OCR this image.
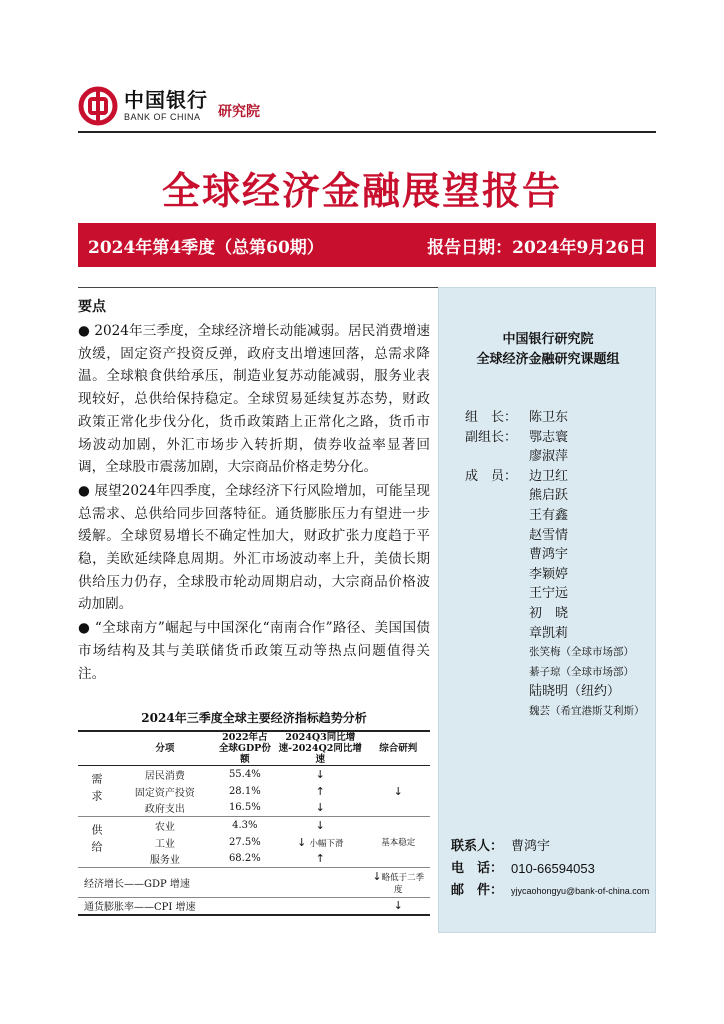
中国银行
BANK OF CHINA	研究院
全球经济金融展望报告
2024年第4季度（总第60期）	报告日期：2024年9月26日
要点

● 2024年三季度，全球经济增长动能减弱。居民消费增速放缓，固定资产投资反弹，政府支出增速回落，总需求降温。全球粮食供给承压，制造业复苏动能减弱，服务业表现较好，总供给保持稳定。全球贸易延续复苏态势，财政政策正常化步伐分化，货币政策踏上正常化之路，货币市场波动加剧，外汇市场步入转折期，债券收益率显著回调，全球股市震荡加剧，大宗商品价格走势分化。

● 展望2024年四季度，全球经济下行风险增加，可能呈现总需求、总供给同步回落特征。通货膨胀压力有望进一步缓解。全球贸易增长不确定性加大，财政扩张力度趋于平稳，美欧延续降息周期。外汇市场波动率上升，美债长期供给压力仍存，全球股市轮动周期启动，大宗商品价格波动加剧。

● “全球南方”崛起与中国深化“南南合作”路径、美国国债市场结构及其与美联储货币政策互动等热点问题值得关注。

2024年三季度全球主要经济指标趋势分析
	分项	2022年占全球GDP份额	2024Q3同比增速-2024Q2同比增速	综合研判
需求	居民消费	55.4%	↓	↓
	固定资产投资	28.1%	↑	
	政府支出	16.5%	↓	
供给	农业	4.3%	↓	基本稳定
	工业	27.5%	↓ 小幅下滑	
	服务业	68.2%	↑	
经济增长——GDP 增速				↓略低于二季度
通货膨胀率——CPI 增速				↓
中国银行研究院
全球经济金融研究课题组
组　长： 陈卫东
副组长： 鄂志寰
廖淑萍
成　员： 边卫红
熊启跃
王有鑫
赵雪情
曹鸿宇
李颖婷
王宁远
初　晓
章凯莉
张笑梅（全球市场部）
綦子琼（全球市场部）
陆晓明（纽约）
魏芸（希宜港斯艾利斯）
联系人： 曹鸿宇
电　话： 010-66594053
邮　件： yjycaohongyu@bank-of-china.com
